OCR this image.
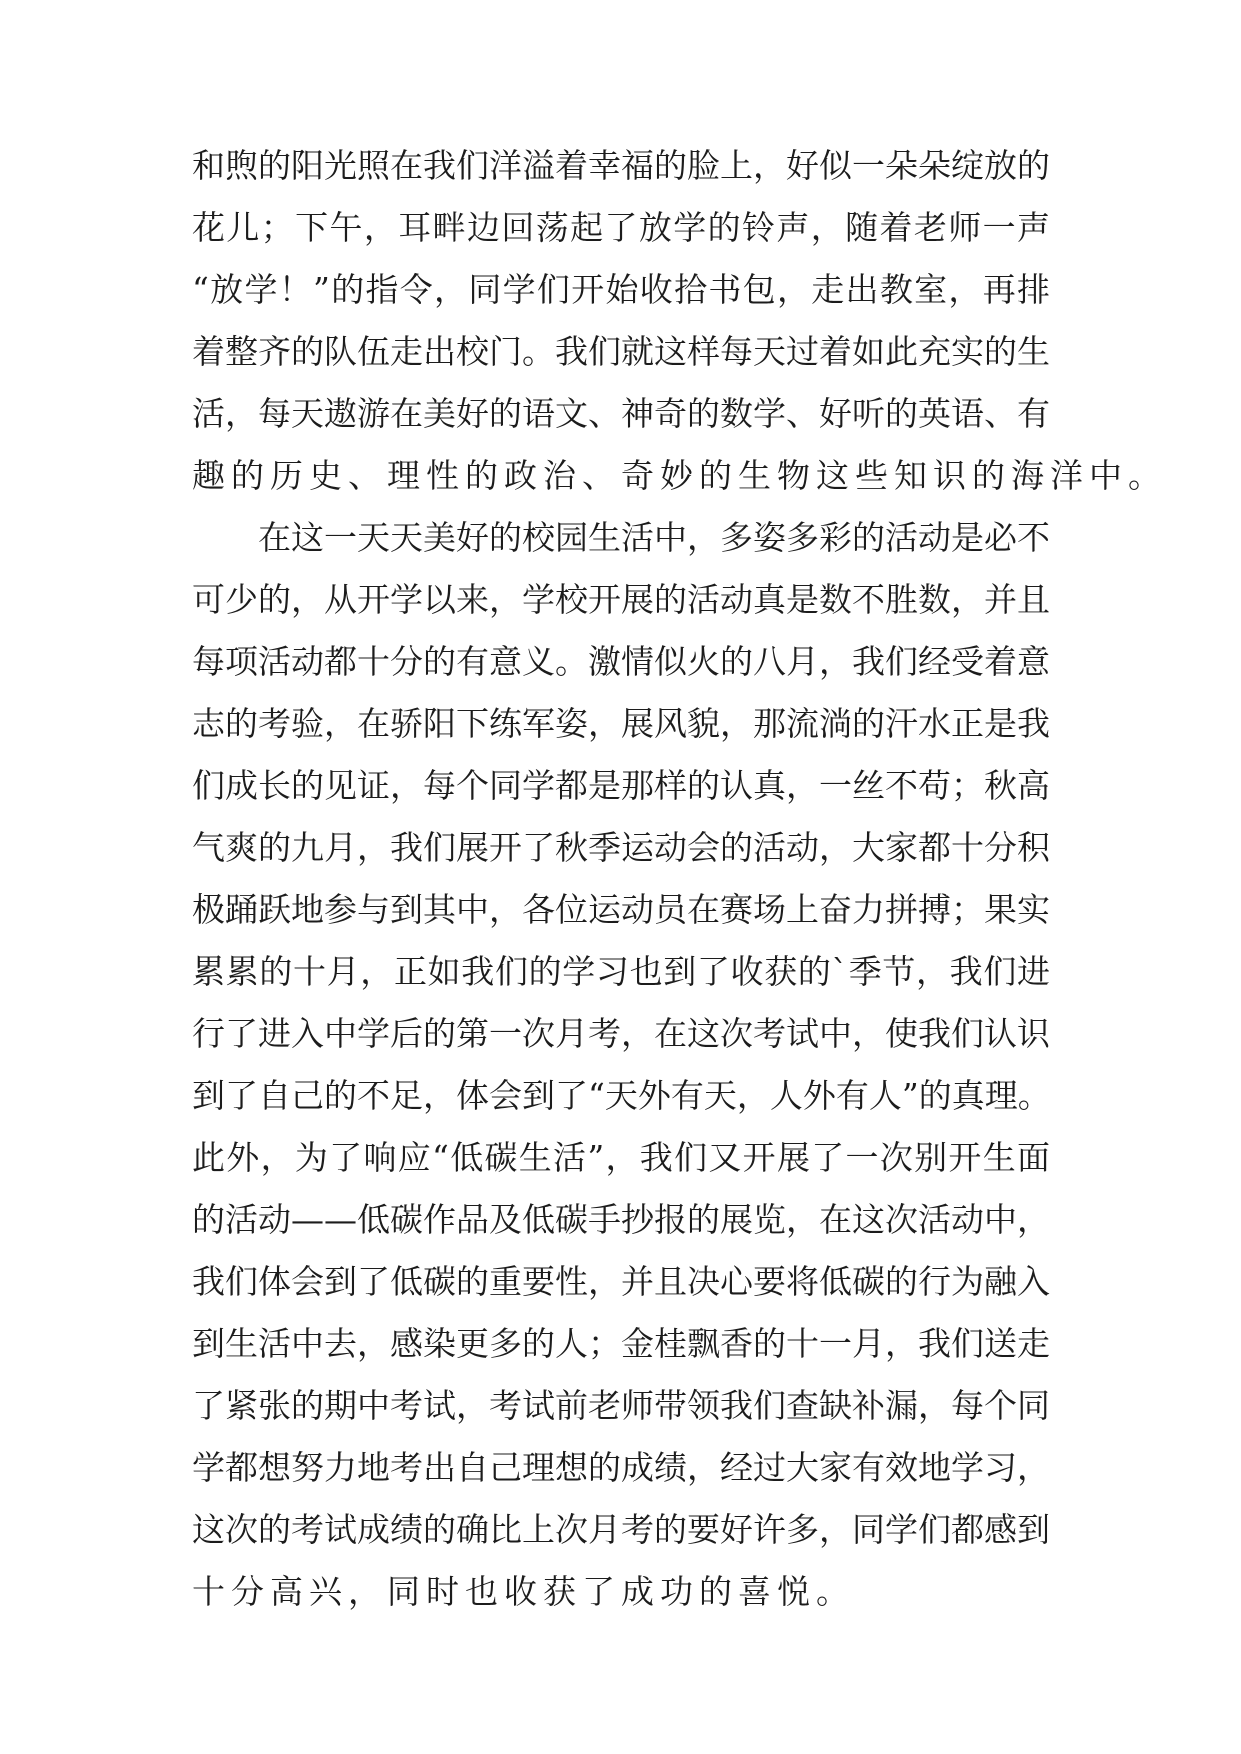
和煦的阳光照在我们洋溢着幸福的脸上，好似一朵朵绽放的
花儿；下午，耳畔边回荡起了放学的铃声，随着老师一声
“放学！”的指令，同学们开始收拾书包，走出教室，再排
着整齐的队伍走出校门。我们就这样每天过着如此充实的生
活，每天遨游在美好的语文、神奇的数学、好听的英语、有
趣的历史、理性的政治、奇妙的生物这些知识的海洋中。
在这一天天美好的校园生活中，多姿多彩的活动是必不
可少的，从开学以来，学校开展的活动真是数不胜数，并且
每项活动都十分的有意义。激情似火的八月，我们经受着意
志的考验，在骄阳下练军姿，展风貌，那流淌的汗水正是我
们成长的见证，每个同学都是那样的认真，一丝不苟；秋高
气爽的九月，我们展开了秋季运动会的活动，大家都十分积
极踊跃地参与到其中，各位运动员在赛场上奋力拼搏；果实
累累的十月，正如我们的学习也到了收获的`季节，我们进
行了进入中学后的第一次月考，在这次考试中，使我们认识
到了自己的不足，体会到了“天外有天，人外有人”的真理。
此外，为了响应“低碳生活”，我们又开展了一次别开生面
的活动——低碳作品及低碳手抄报的展览，在这次活动中，
我们体会到了低碳的重要性，并且决心要将低碳的行为融入
到生活中去，感染更多的人；金桂飘香的十一月，我们送走
了紧张的期中考试，考试前老师带领我们查缺补漏，每个同
学都想努力地考出自己理想的成绩，经过大家有效地学习，
这次的考试成绩的确比上次月考的要好许多，同学们都感到
十分高兴，同时也收获了成功的喜悦。
